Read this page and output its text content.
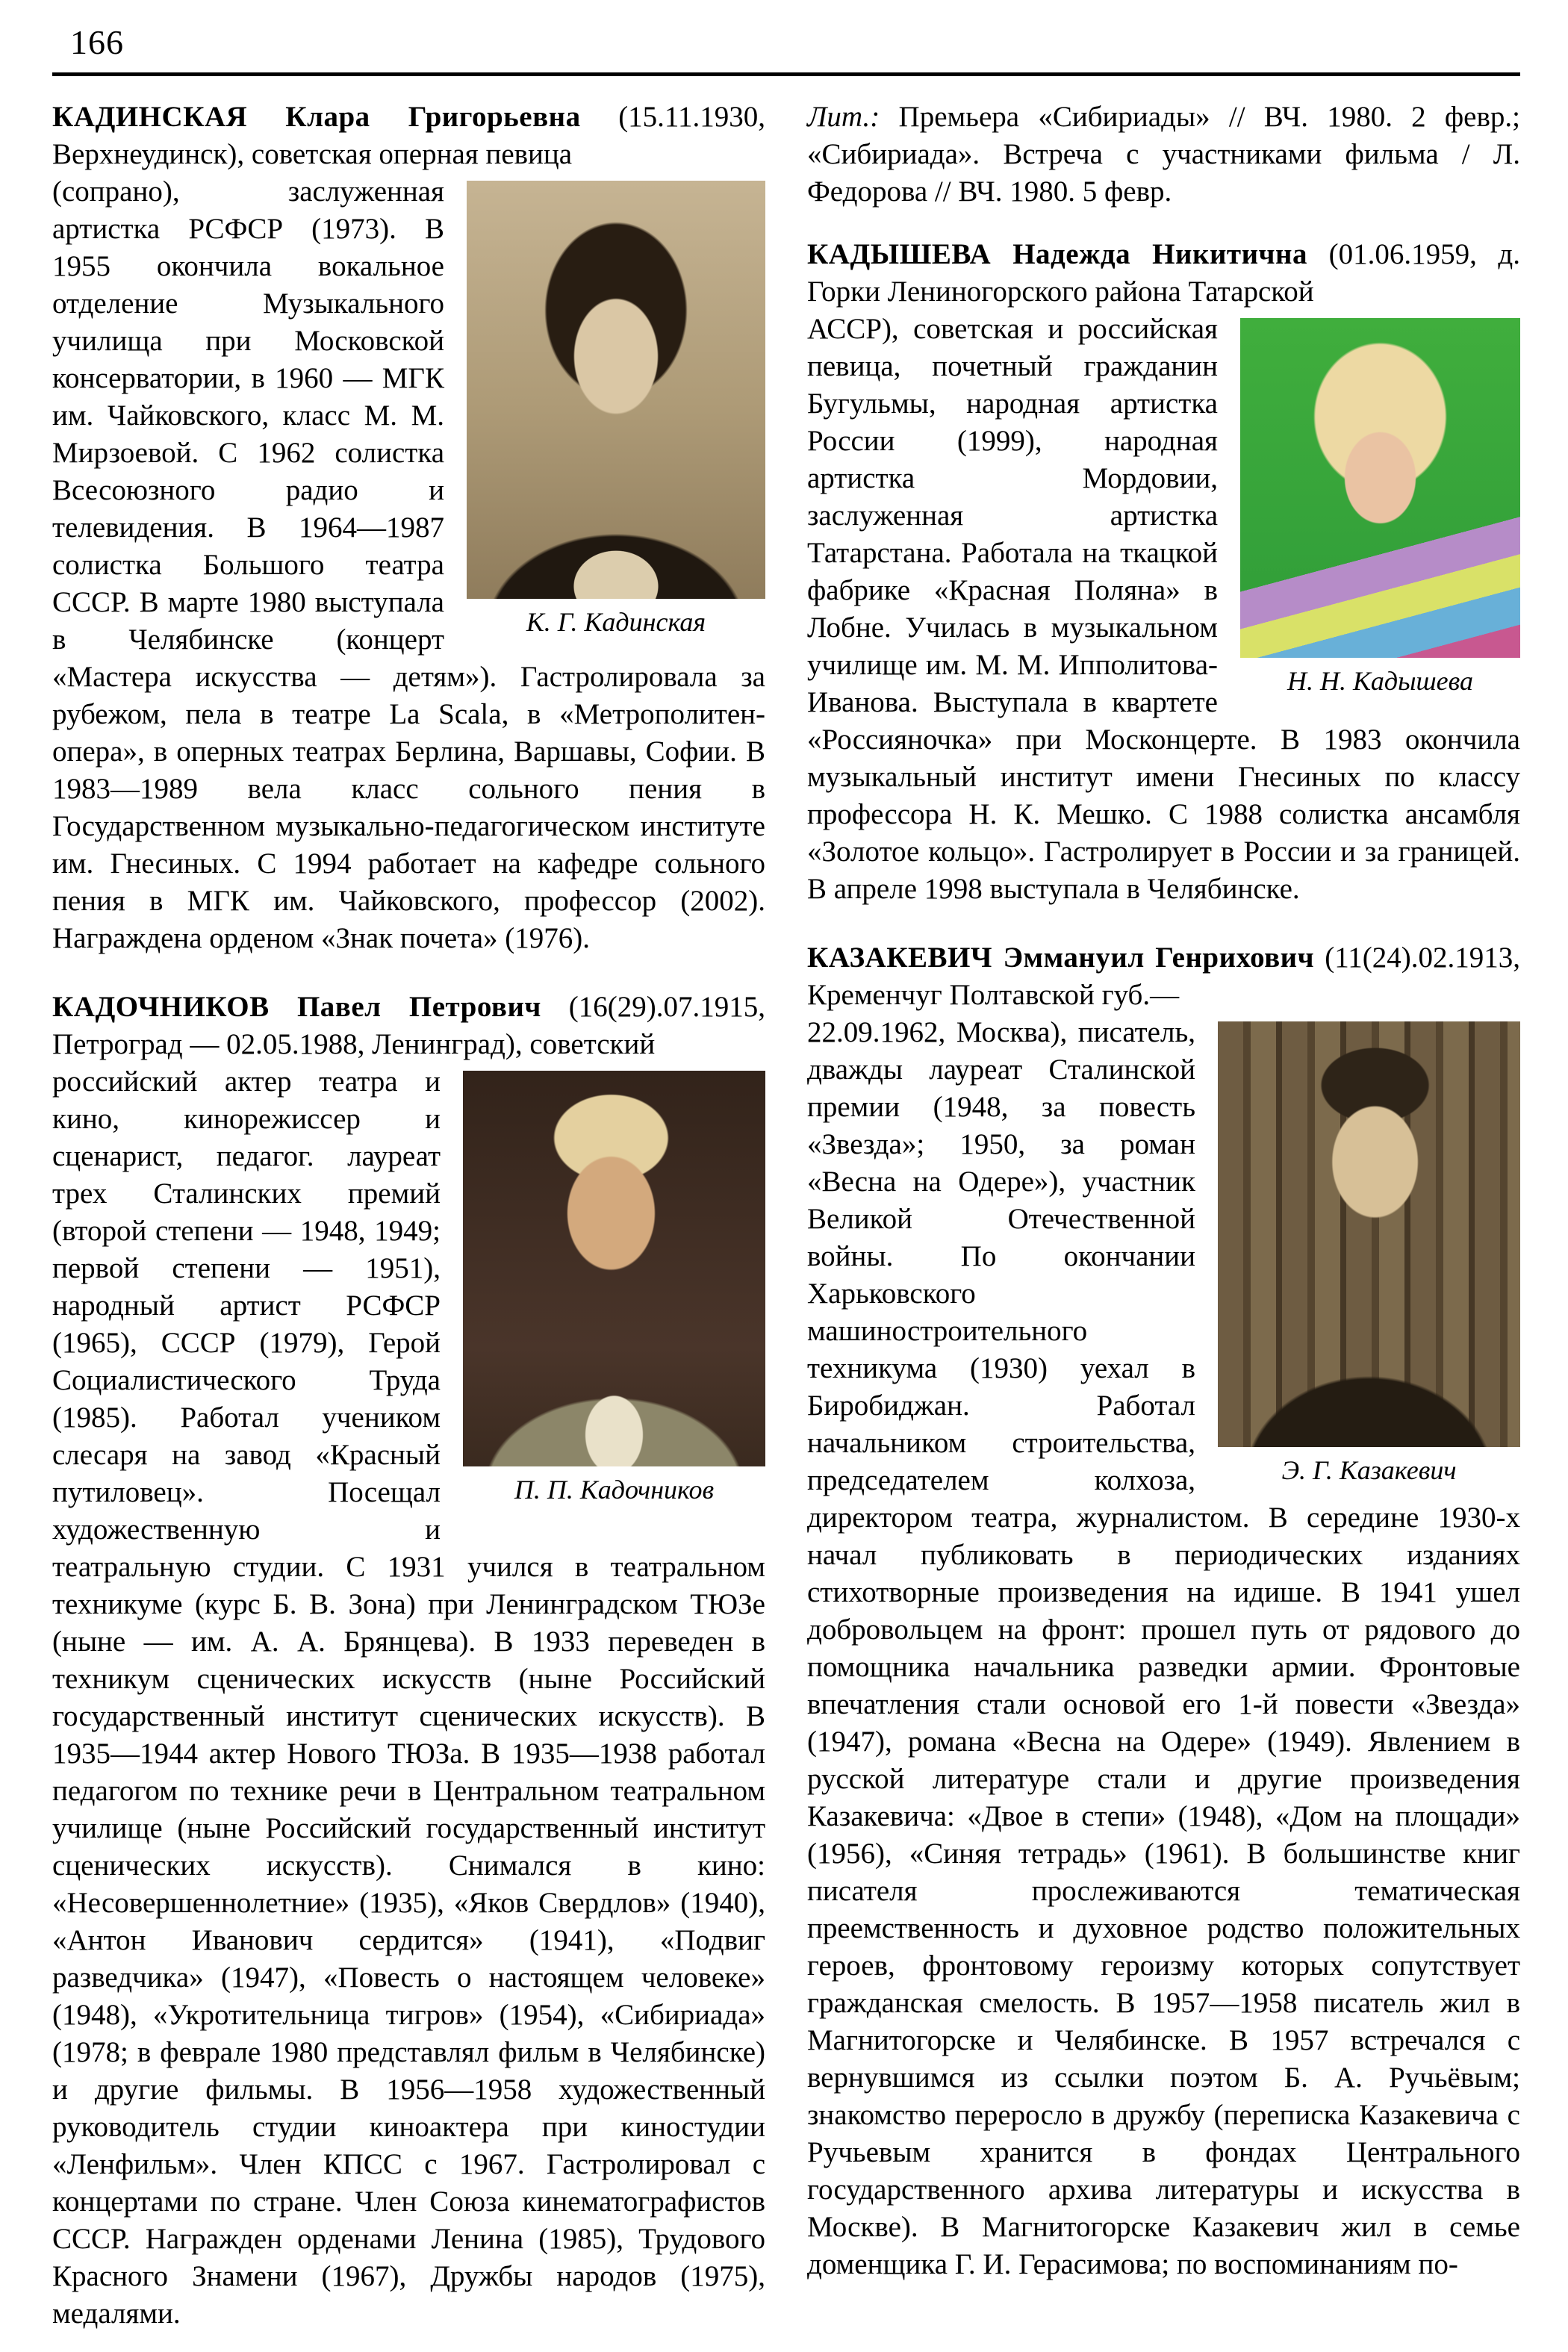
166

КАДИНСКАЯ Клара Григорьевна (15.11.1930, Верхнеудинск), советская оперная певица

К. Г. Кадинская

(сопрано), заслуженная артистка РСФСР (1973). В 1955 окончила вокальное отделение Музыкального училища при Московской консерватории, в 1960 — МГК им. Чайковского, класс М. М. Мирзоевой. С 1962 солистка Всесоюзного радио и телевидения. В 1964—1987 солистка Большого театра СССР. В марте 1980 выступала в Челябинске (концерт «Мастера искусства — детям»). Гастролировала за рубежом, пела в театре La Scala, в «Метрополитен-опера», в оперных театрах Берлина, Варшавы, Софии. В 1983—1989 вела класс сольного пения в Государственном музыкально-педагогическом институте им. Гнесиных. С 1994 работает на кафедре сольного пения в МГК им. Чайковского, профессор (2002). Награждена орденом «Знак почета» (1976).

КАДОЧНИКОВ Павел Петрович (16(29).07.1915, Петроград — 02.05.1988, Ленинград), советский

П. П. Кадочников

российский актер театра и кино, кинорежиссер и сценарист, педагог. лауреат трех Сталинских премий (второй степени — 1948, 1949; первой степени — 1951), народный артист РСФСР (1965), СССР (1979), Герой Социалистического Труда (1985). Работал учеником слесаря на завод «Красный путиловец». Посещал художественную и театральную студии. С 1931 учился в театральном техникуме (курс Б. В. Зона) при Ленинградском ТЮЗе (ныне — им. А. А. Брянцева). В 1933 переведен в техникум сценических искусств (ныне Российский государственный институт сценических искусств). В 1935—1944 актер Нового ТЮЗа. В 1935—1938 работал педагогом по технике речи в Центральном театральном училище (ныне Российский государственный институт сценических искусств). Снимался в кино: «Несовершеннолетние» (1935), «Яков Свердлов» (1940), «Антон Иванович сердится» (1941), «Подвиг разведчика» (1947), «Повесть о настоящем человеке» (1948), «Укротительница тигров» (1954), «Сибириада» (1978; в феврале 1980 представлял фильм в Челябинске) и другие фильмы. В 1956—1958 художественный руководитель студии киноактера при киностудии «Ленфильм». Член КПСС с 1967. Гастролировал с концертами по стране. Член Союза кинематографистов СССР. Награжден орденами Ленина (1985), Трудового Красного Знамени (1967), Дружбы народов (1975), медалями.

Лит.: Премьера «Сибириады» // ВЧ. 1980. 2 февр.; «Сибириада». Встреча с участниками фильма / Л. Федорова // ВЧ. 1980. 5 февр.

КАДЫШЕВА Надежда Никитична (01.06.1959, д. Горки Лениногорского района Татарской

Н. Н. Кадышева

АССР), советская и российская певица, почетный гражданин Бугульмы, народная артистка России (1999), народная артистка Мордовии, заслуженная артистка Татарстана. Работала на ткацкой фабрике «Красная Поляна» в Лобне. Училась в музыкальном училище им. М. М. Ипполитова-Иванова. Выступала в квартете «Россияночка» при Москонцерте. В 1983 окончила музыкальный институт имени Гнесиных по классу профессора Н. К. Мешко. С 1988 солистка ансамбля «Золотое кольцо». Гастролирует в России и за границей. В апреле 1998 выступала в Челябинске.

КАЗАКЕВИЧ Эммануил Генрихович (11(24).02.1913, Кременчуг Полтавской губ.—

Э. Г. Казакевич

22.09.1962, Москва), писатель, дважды лауреат Сталинской премии (1948, за повесть «Звезда»; 1950, за роман «Весна на Одере»), участник Великой Отечественной войны. По окончании Харьковского машиностроительного техникума (1930) уехал в Биробиджан. Работал начальником строительства, председателем колхоза, директором театра, журналистом. В середине 1930-х начал публиковать в периодических изданиях стихотворные произведения на идише. В 1941 ушел добровольцем на фронт: прошел путь от рядового до помощника начальника разведки армии. Фронтовые впечатления стали основой его 1-й повести «Звезда» (1947), романа «Весна на Одере» (1949). Явлением в русской литературе стали и другие произведения Казакевича: «Двое в степи» (1948), «Дом на площади» (1956), «Синяя тетрадь» (1961). В большинстве книг писателя прослеживаются тематическая преемственность и духовное родство положительных героев, фронтовому героизму которых сопутствует гражданская смелость. В 1957—1958 писатель жил в Магнитогорске и Челябинске. В 1957 встречался с вернувшимся из ссылки поэтом Б. А. Ручьёвым; знакомство переросло в дружбу (переписка Казакевича с Ручьевым хранится в фондах Центрального государственного архива литературы и искусства в Москве). В Магнитогорске Казакевич жил в семье доменщика Г. И. Герасимова; по воспоминаниям по-
